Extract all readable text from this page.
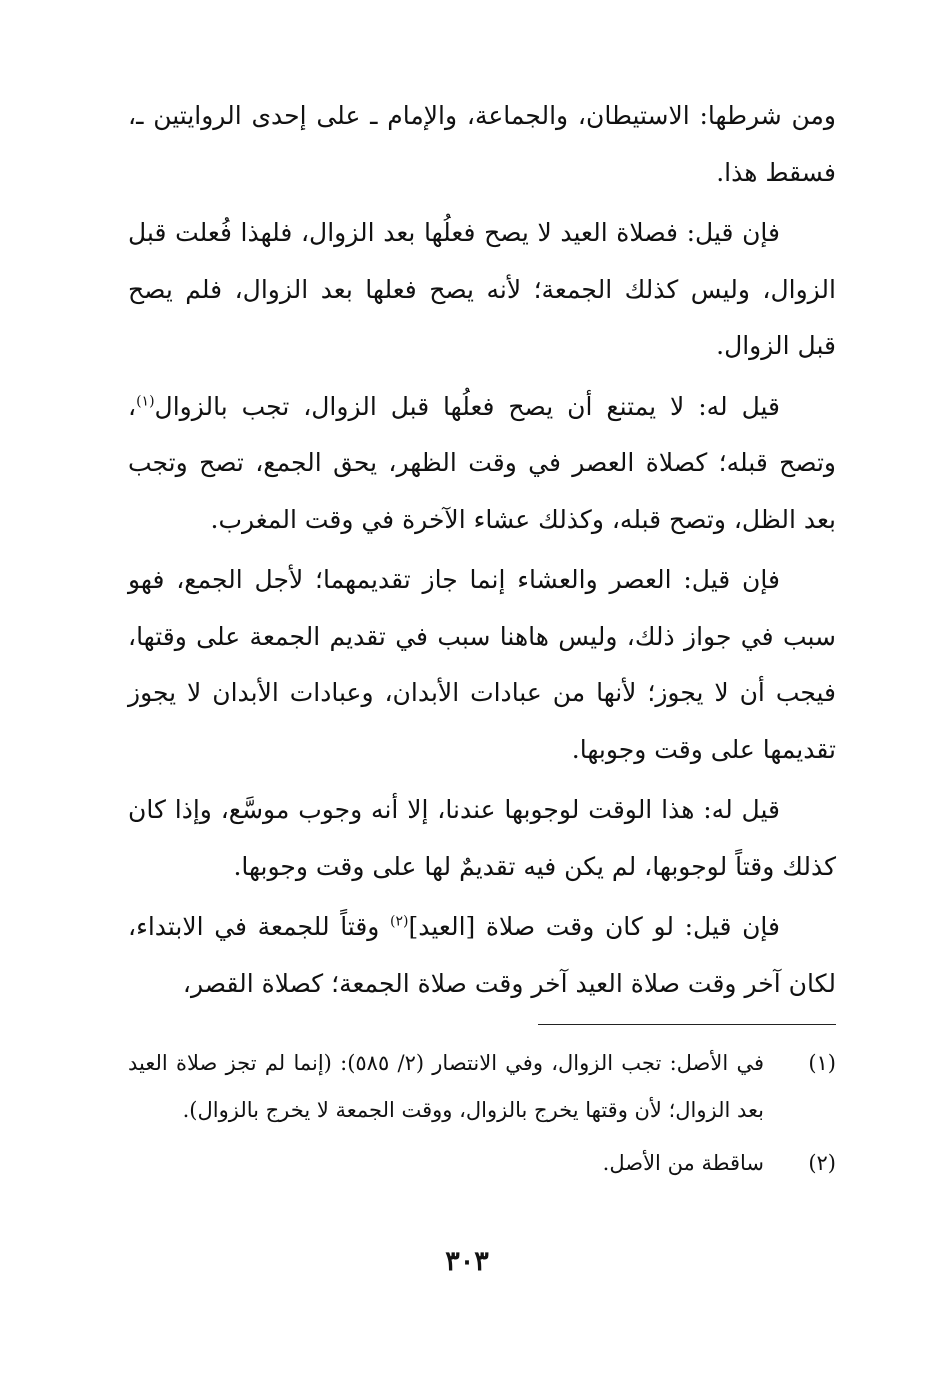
ومن شرطها: الاستيطان، والجماعة، والإمام ـ على إحدى الروايتين ـ، فسقط هذا.

فإن قيل: فصلاة العيد لا يصح فعلُها بعد الزوال، فلهذا فُعلت قبل الزوال، وليس كذلك الجمعة؛ لأنه يصح فعلها بعد الزوال، فلم يصح قبل الزوال.

قيل له: لا يمتنع أن يصح فعلُها قبل الزوال، تجب بالزوال$^{(١)}$، وتصح قبله؛ كصلاة العصر في وقت الظهر، يحق الجمع، تصح وتجب بعد الظل، وتصح قبله، وكذلك عشاء الآخرة في وقت المغرب.

فإن قيل: العصر والعشاء إنما جاز تقديمهما؛ لأجل الجمع، فهو سبب في جواز ذلك، وليس هاهنا سبب في تقديم الجمعة على وقتها، فيجب أن لا يجوز؛ لأنها من عبادات الأبدان، وعبادات الأبدان لا يجوز تقديمها على وقت وجوبها.

قيل له: هذا الوقت لوجوبها عندنا، إلا أنه وجوب موسَّع، وإذا كان كذلك وقتاً لوجوبها، لم يكن فيه تقديمٌ لها على وقت وجوبها.

فإن قيل: لو كان وقت صلاة [العيد]$^{(٢)}$ وقتاً للجمعة في الابتداء، لكان آخر وقت صلاة العيد آخر وقت صلاة الجمعة؛ كصلاة القصر،

(١)
في الأصل: تجب الزوال، وفي الانتصار (٢/ ٥٨٥): (إنما لم تجز صلاة العيد بعد الزوال؛ لأن وقتها يخرج بالزوال، ووقت الجمعة لا يخرج بالزوال).
(٢)
ساقطة من الأصل.
٣٠٣
